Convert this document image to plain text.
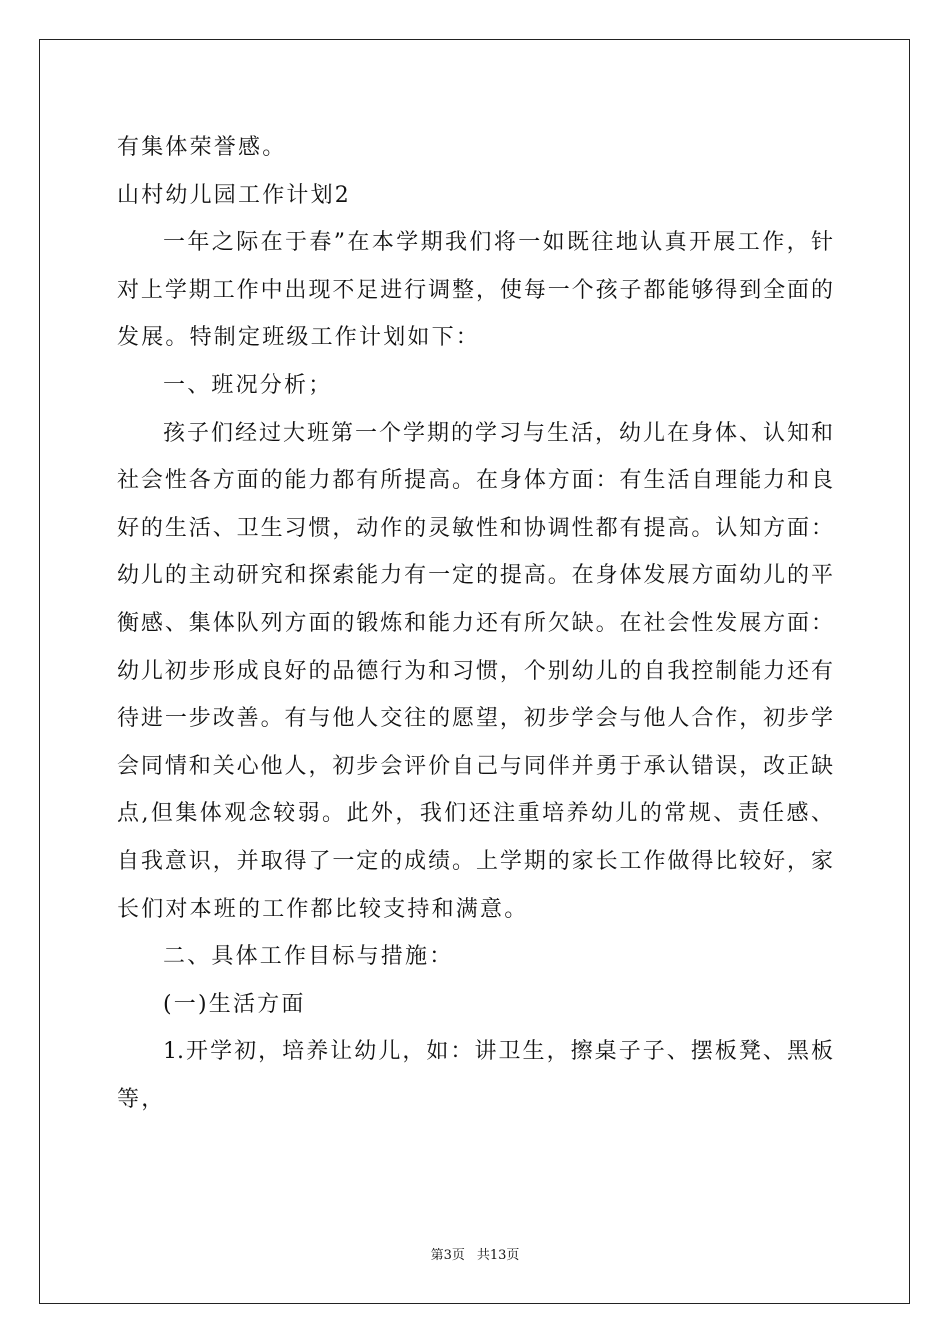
有集体荣誉感。
山村幼儿园工作计划2
一年之际在于春”在本学期我们将一如既往地认真开展工作，针
对上学期工作中出现不足进行调整，使每一个孩子都能够得到全面的
发展。特制定班级工作计划如下：
一、班况分析；
孩子们经过大班第一个学期的学习与生活，幼儿在身体、认知和
社会性各方面的能力都有所提高。在身体方面：有生活自理能力和良
好的生活、卫生习惯，动作的灵敏性和协调性都有提高。认知方面：
幼儿的主动研究和探索能力有一定的提高。在身体发展方面幼儿的平
衡感、集体队列方面的锻炼和能力还有所欠缺。在社会性发展方面：
幼儿初步形成良好的品德行为和习惯，个别幼儿的自我控制能力还有
待进一步改善。有与他人交往的愿望，初步学会与他人合作，初步学
会同情和关心他人，初步会评价自己与同伴并勇于承认错误，改正缺
点,但集体观念较弱。此外，我们还注重培养幼儿的常规、责任感、
自我意识，并取得了一定的成绩。上学期的家长工作做得比较好，家
长们对本班的工作都比较支持和满意。
二、具体工作目标与措施：
(一)生活方面
1.开学初，培养让幼儿，如：讲卫生，擦桌子子、摆板凳、黑板
等，
第3页 共13页
